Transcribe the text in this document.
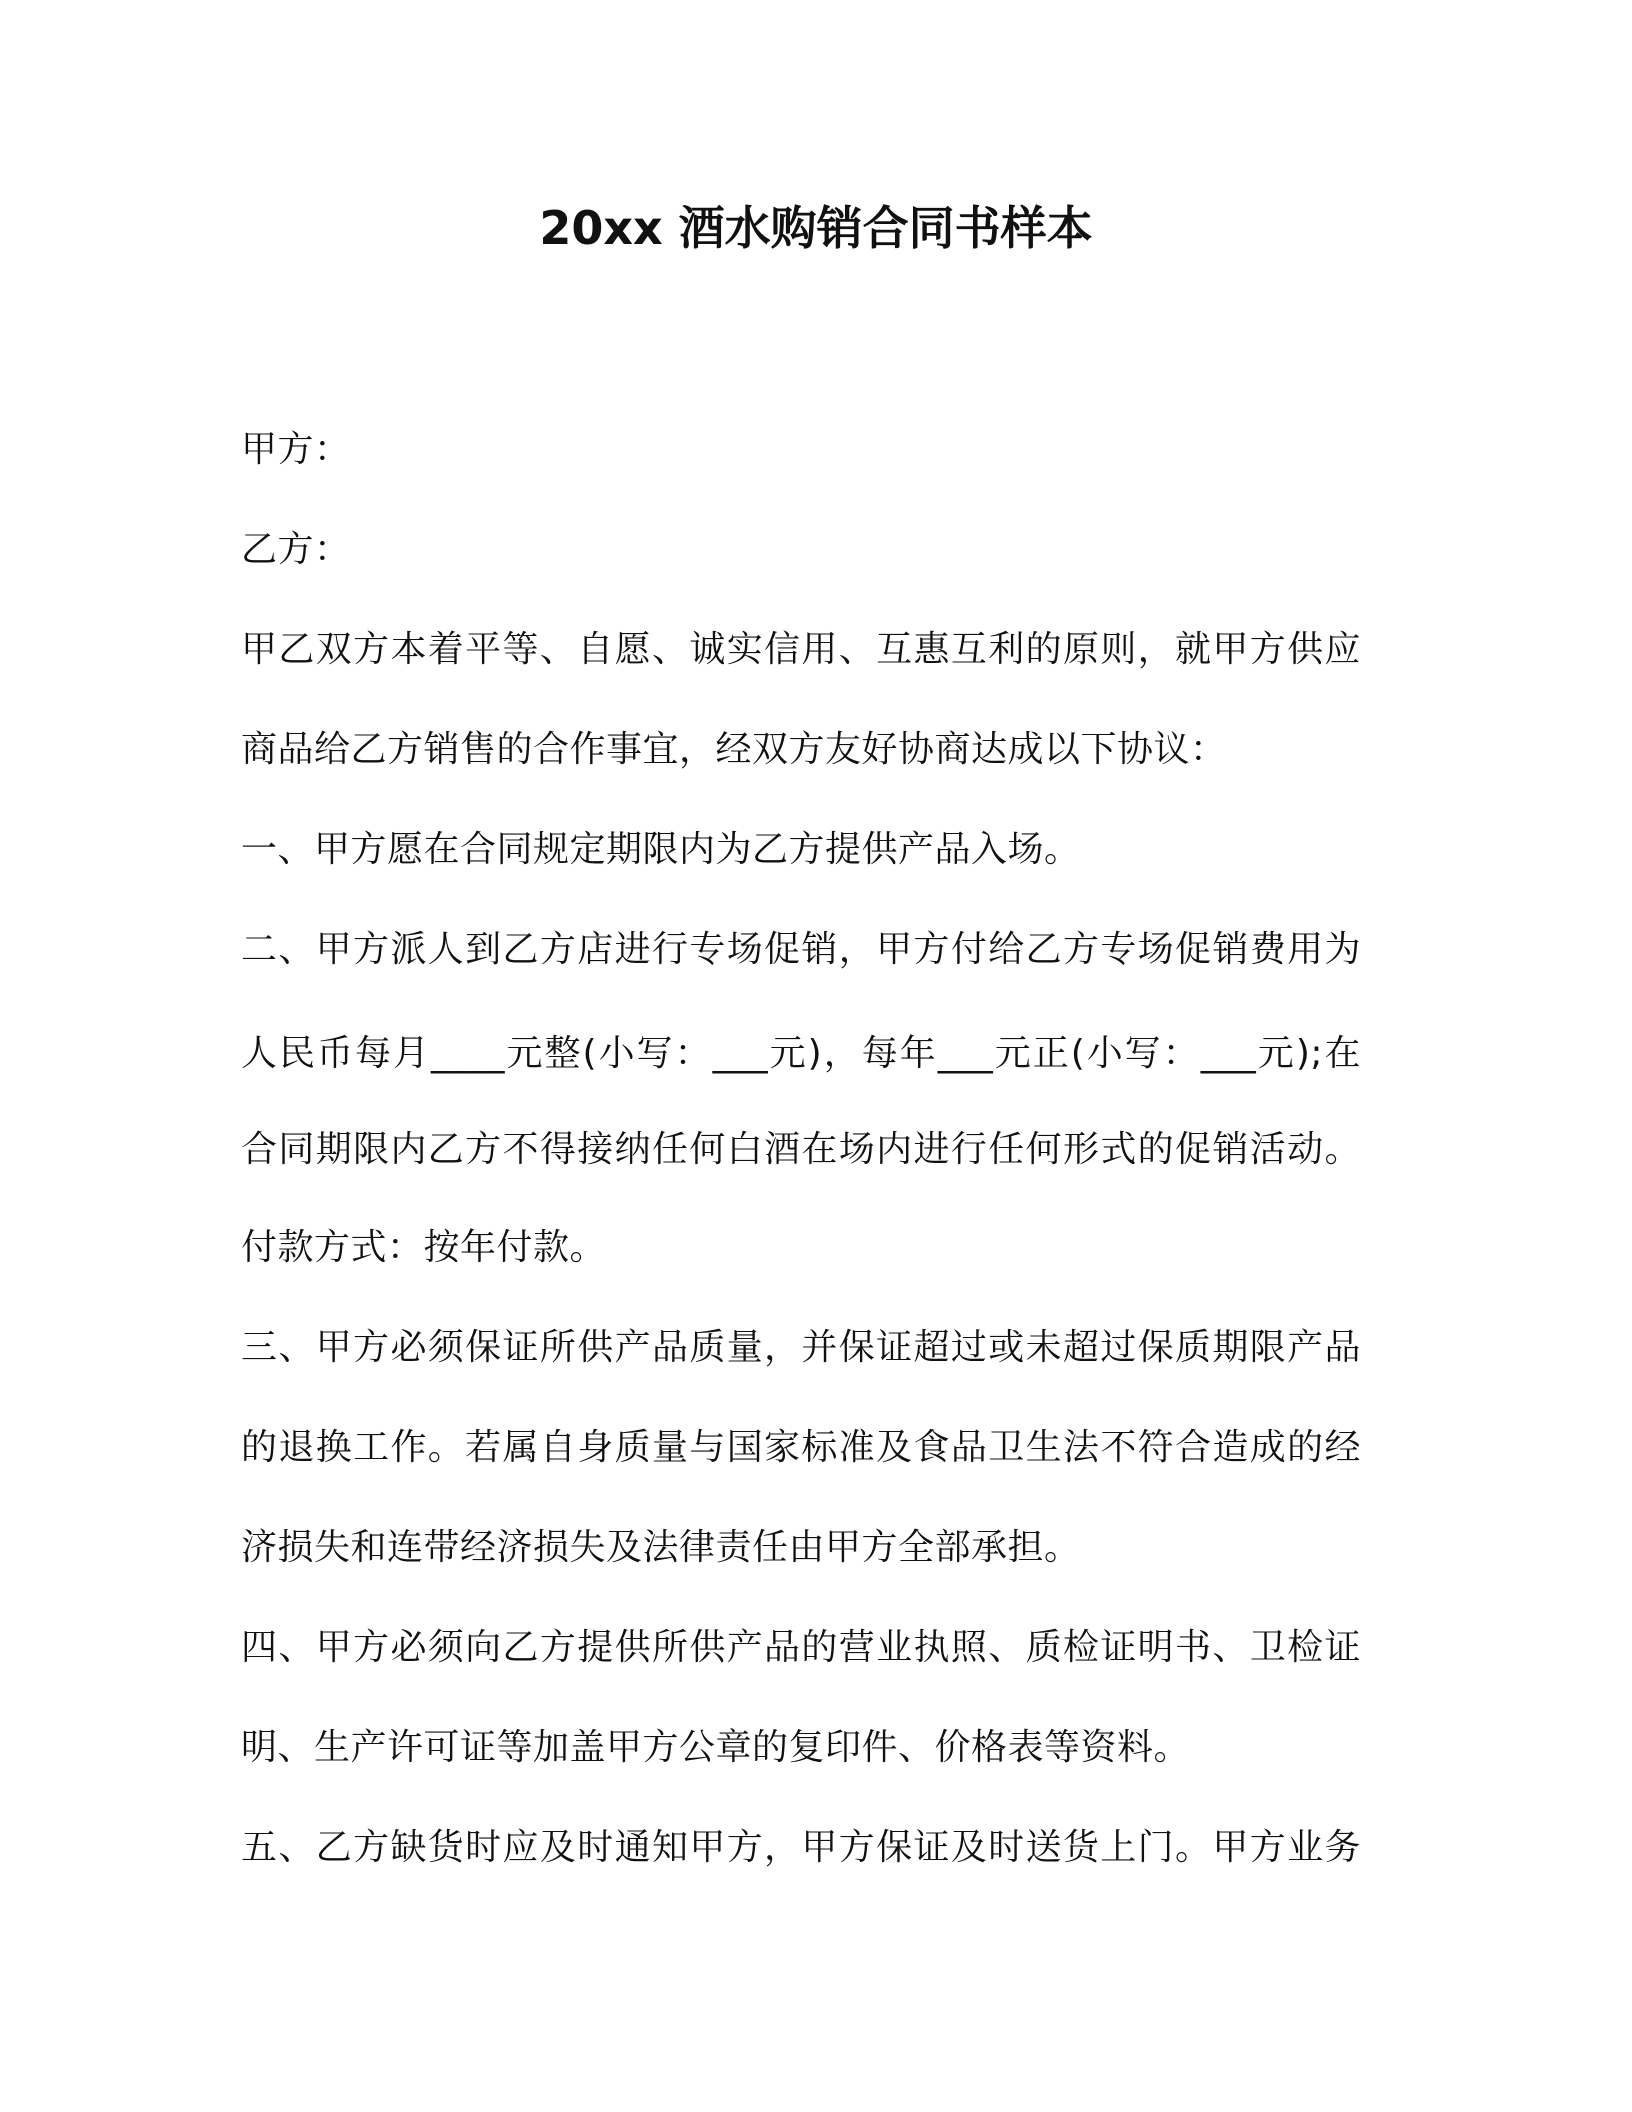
20xx 酒水购销合同书样本
甲方：
乙方：
甲乙双方本着平等、自愿、诚实信用、互惠互利的原则，就甲方供应
商品给乙方销售的合作事宜，经双方友好协商达成以下协议：
一、甲方愿在合同规定期限内为乙方提供产品入场。
二、甲方派人到乙方店进行专场促销，甲方付给乙方专场促销费用为
人民币每月____元整(小写：___元)，每年___元正(小写：___元);在
合同期限内乙方不得接纳任何白酒在场内进行任何形式的促销活动。
付款方式：按年付款。
三、甲方必须保证所供产品质量，并保证超过或未超过保质期限产品
的退换工作。若属自身质量与国家标准及食品卫生法不符合造成的经
济损失和连带经济损失及法律责任由甲方全部承担。
四、甲方必须向乙方提供所供产品的营业执照、质检证明书、卫检证
明、生产许可证等加盖甲方公章的复印件、价格表等资料。
五、乙方缺货时应及时通知甲方，甲方保证及时送货上门。甲方业务
